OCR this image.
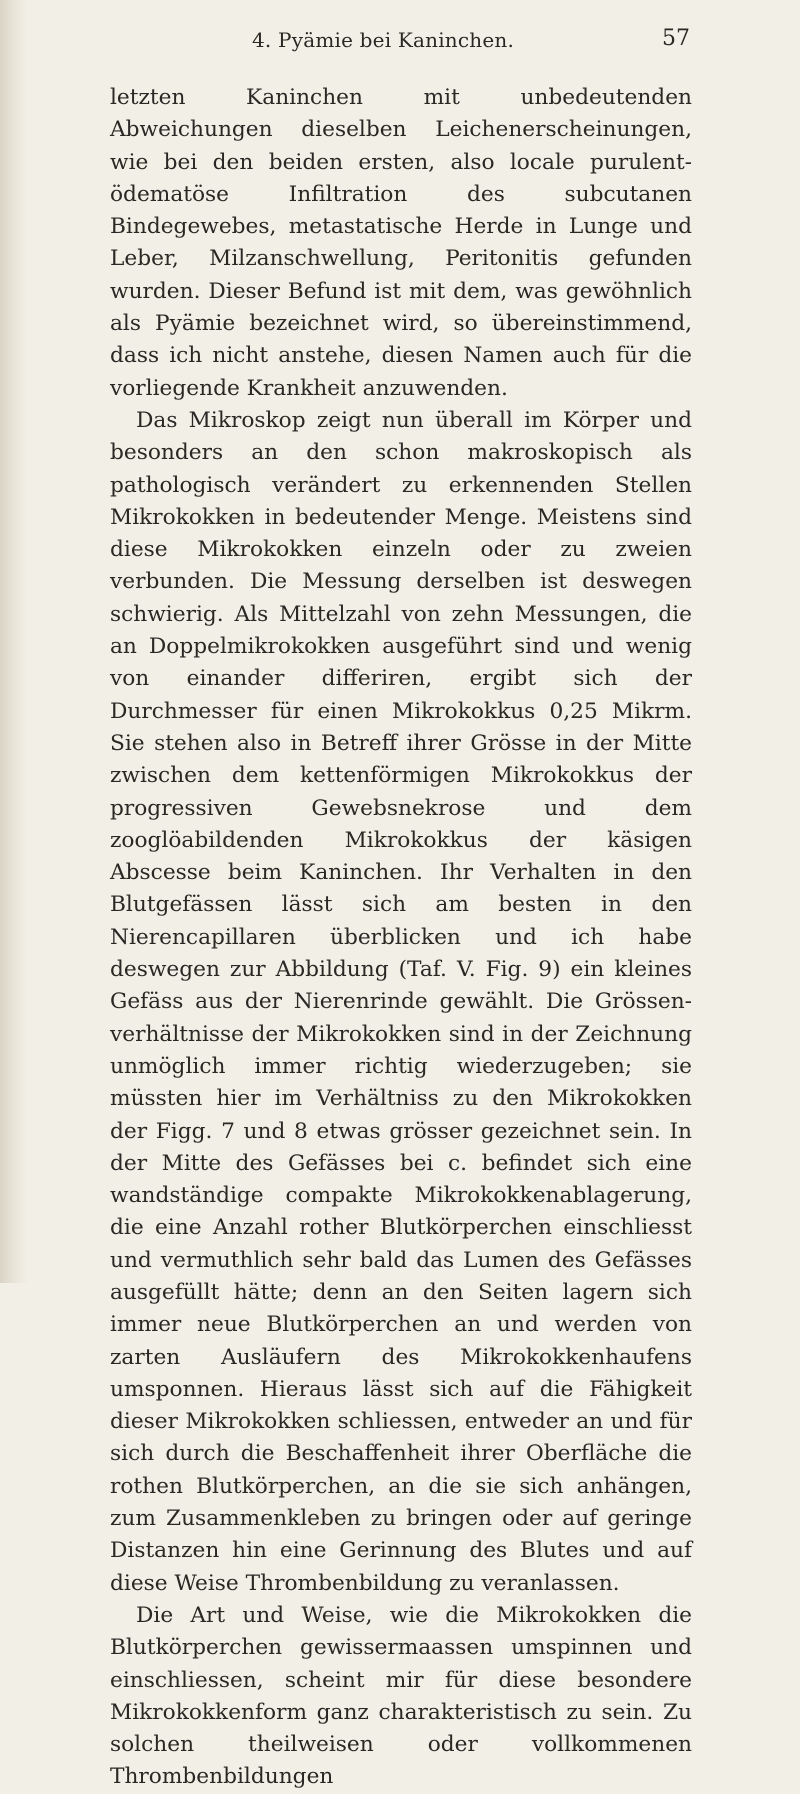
4. Pyämie bei Kaninchen.	57

letzten Kaninchen mit unbedeutenden Abweichungen dieselben Leichenerscheinungen, wie bei den beiden ersten, also locale purulent-ödematöse Infiltration des subcutanen Bindegewebes, metastatische Herde in Lunge und Leber, Milzanschwellung, Peritonitis gefunden wurden. Dieser Befund ist mit dem, was gewöhnlich als Pyämie bezeichnet wird, so übereinstimmend, dass ich nicht anstehe, diesen Namen auch für die vorliegende Krankheit anzuwenden.

Das Mikroskop zeigt nun überall im Körper und besonders an den schon makroskopisch als pathologisch verändert zu erkennenden Stellen Mikrokokken in bedeutender Menge. Meistens sind diese Mikrokokken einzeln oder zu zweien verbunden. Die Messung derselben ist deswegen schwierig. Als Mittelzahl von zehn Messungen, die an Doppelmikrokokken ausgeführt sind und wenig von einander differiren, ergibt sich der Durchmesser für einen Mikrokokkus 0,25 Mikrm. Sie stehen also in Betreff ihrer Grösse in der Mitte zwischen dem kettenförmigen Mikrokokkus der progressiven Gewebsnekrose und dem zooglöabildenden Mikrokokkus der käsigen Abscesse beim Kaninchen. Ihr Verhalten in den Blutgefässen lässt sich am besten in den Nierencapillaren überblicken und ich habe deswegen zur Abbildung (Taf. V. Fig. 9) ein kleines Gefäss aus der Nierenrinde gewählt. Die Grössenverhältnisse der Mikrokokken sind in der Zeichnung unmöglich immer richtig wiederzugeben; sie müssten hier im Verhältniss zu den Mikrokokken der Figg. 7 und 8 etwas grösser gezeichnet sein. In der Mitte des Gefässes bei c. befindet sich eine wandständige compakte Mikrokokkenablagerung, die eine Anzahl rother Blutkörperchen einschliesst und vermuthlich sehr bald das Lumen des Gefässes ausgefüllt hätte; denn an den Seiten lagern sich immer neue Blutkörperchen an und werden von zarten Ausläufern des Mikrokokkenhaufens umsponnen. Hieraus lässt sich auf die Fähigkeit dieser Mikrokokken schliessen, entweder an und für sich durch die Beschaffenheit ihrer Oberfläche die rothen Blutkörperchen, an die sie sich anhängen, zum Zusammenkleben zu bringen oder auf geringe Distanzen hin eine Gerinnung des Blutes und auf diese Weise Thrombenbildung zu veranlassen.

Die Art und Weise, wie die Mikrokokken die Blutkörperchen gewissermaassen umspinnen und einschliessen, scheint mir für diese besondere Mikrokokkenform ganz charakteristisch zu sein. Zu solchen theilweisen oder vollkommenen Thrombenbildungen
